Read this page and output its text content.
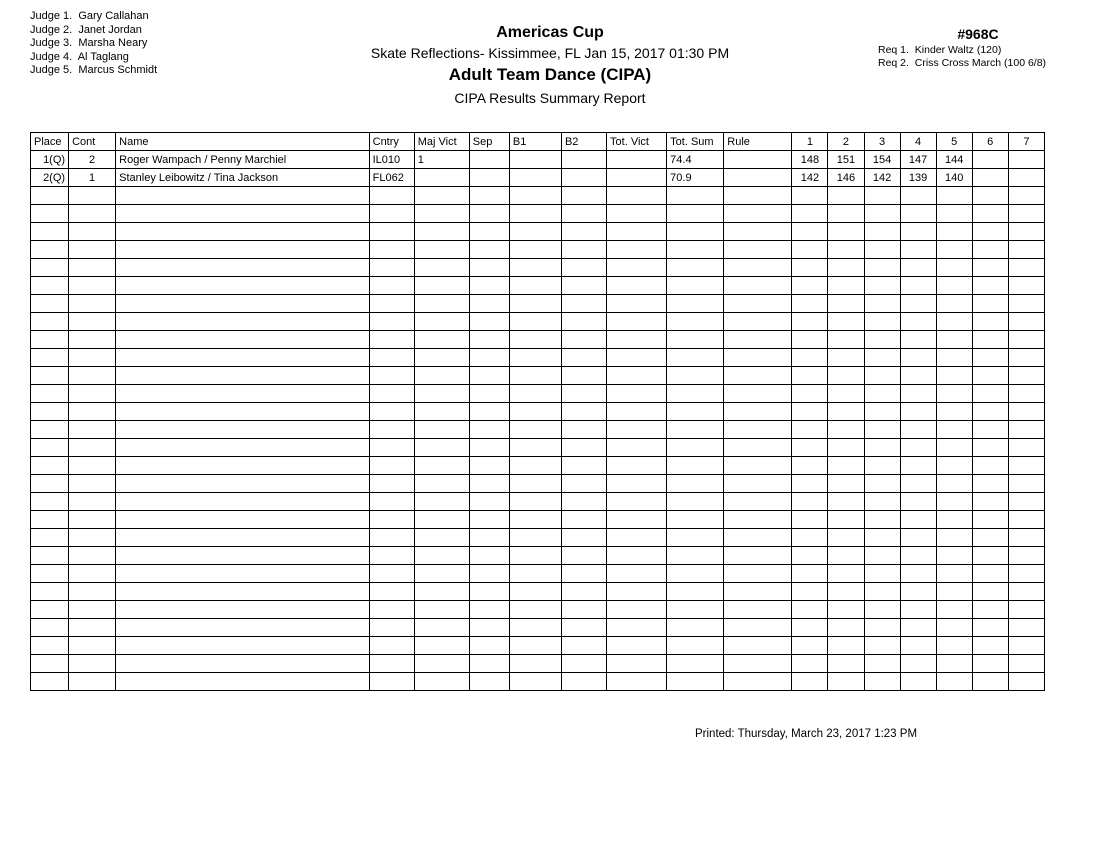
Judge 1.  Gary Callahan
Judge 2.  Janet Jordan
Judge 3.  Marsha Neary
Judge 4.  Al Taglang
Judge 5.  Marcus Schmidt
Americas Cup
Skate Reflections- Kissimmee, FL Jan 15, 2017 01:30 PM
Adult Team Dance (CIPA)
CIPA Results Summary Report
#968C
Req 1.  Kinder Waltz (120)
Req 2.  Criss Cross March (100 6/8)
Place	Cont	Name	Cntry	Maj Vict	Sep	B1	B2	Tot. Vict	Tot. Sum	Rule	1	2	3	4	5	6	7
1(Q)	2	Roger Wampach / Penny Marchiel	IL010	1					74.4		148	151	154	147	144		
2(Q)	1	Stanley Leibowitz / Tina Jackson	FL062						70.9		142	146	142	139	140		

Printed: Thursday, March 23, 2017 1:23 PM
